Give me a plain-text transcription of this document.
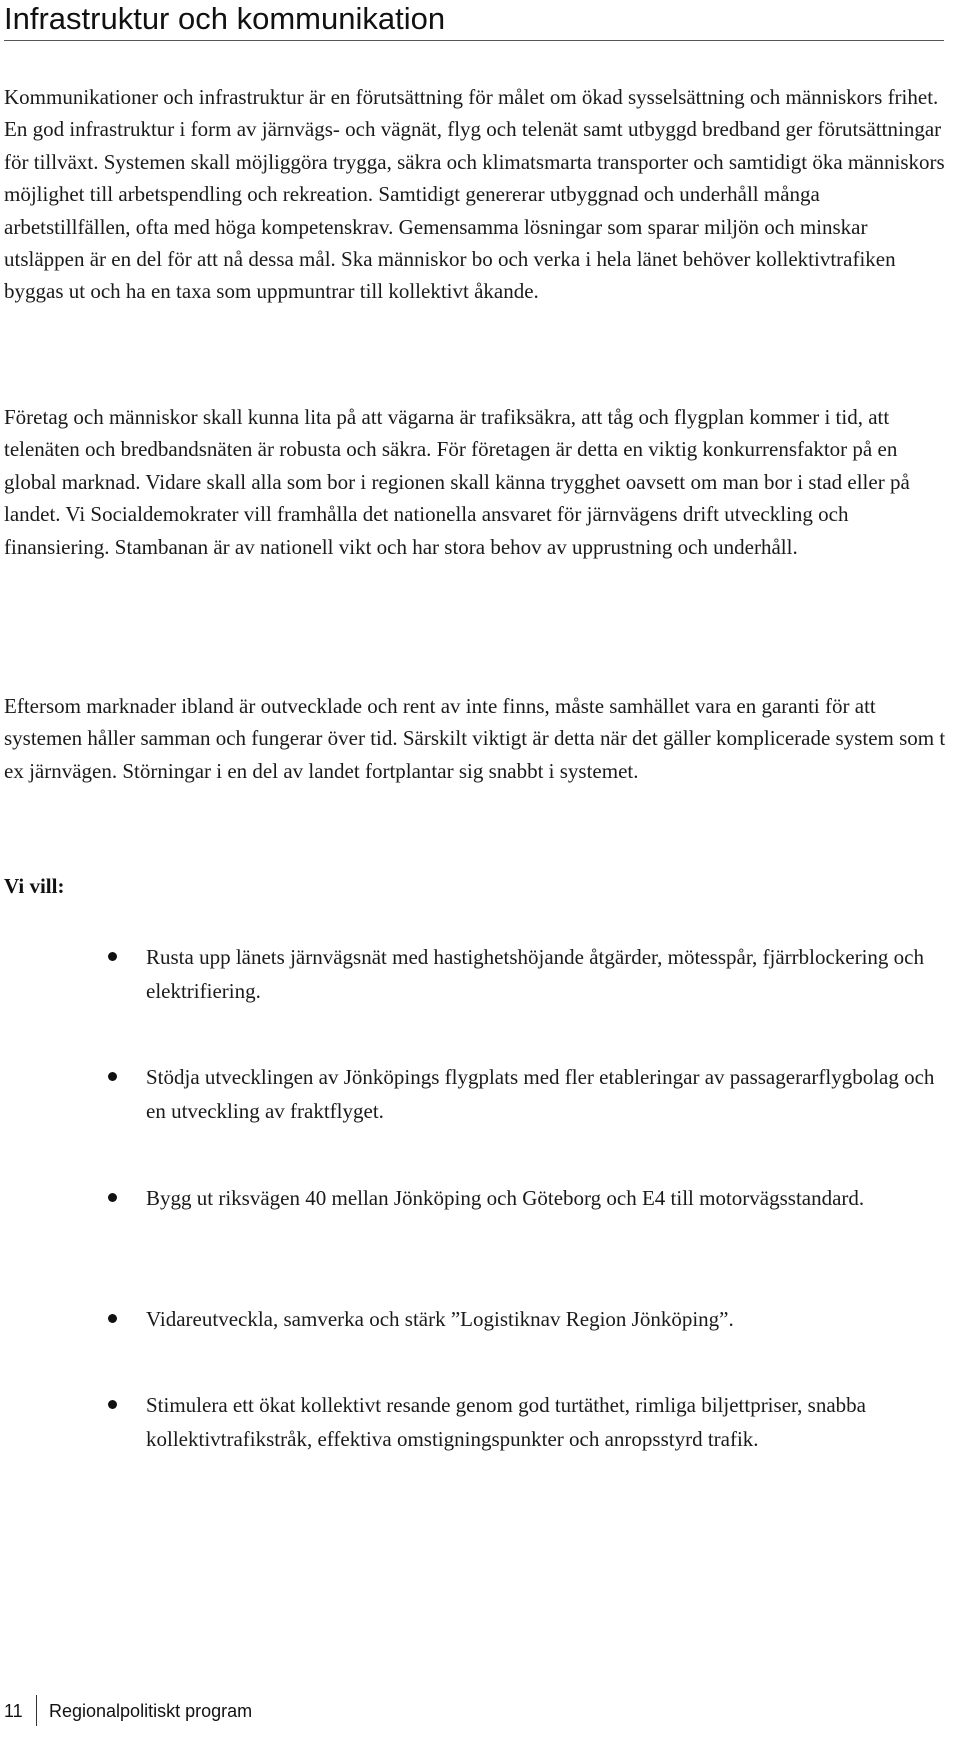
Infrastruktur och kommunikation

Kommunikationer och infrastruktur är en förutsättning för målet om ökad sysselsättning och människors frihet. En god infrastruktur i form av järnvägs- och vägnät, flyg och telenät samt utbyggd bredband ger förutsättningar för tillväxt. Systemen skall möjliggöra trygga, säkra och klimatsmarta transporter och samtidigt öka människors möjlighet till arbetspendling och rekreation. Samtidigt genererar utbyggnad och underhåll många arbetstillfällen, ofta med höga kompetenskrav. Gemensamma lösningar som sparar miljön och minskar utsläppen är en del för att nå dessa mål. Ska människor bo och verka i hela länet behöver kollektivtrafiken byggas ut och ha en taxa som uppmuntrar till kollektivt åkande.

Företag och människor skall kunna lita på att vägarna är trafiksäkra, att tåg och flygplan kommer i tid, att telenäten och bredbandsnäten är robusta och säkra. För företagen är detta en viktig konkurrensfaktor på en global marknad. Vidare skall alla som bor i regionen skall känna trygghet oavsett om man bor i stad eller på landet. Vi Socialdemokrater vill framhålla det nationella ansvaret för järnvägens drift utveckling och finansiering. Stambanan är av nationell vikt och har stora behov av upprustning och underhåll.

Eftersom marknader ibland är outvecklade och rent av inte finns, måste samhället vara en garanti för att systemen håller samman och fungerar över tid. Särskilt viktigt är detta när det gäller komplicerade system som t ex järnvägen. Störningar i en del av landet fortplantar sig snabbt i systemet.

Vi vill:

Rusta upp länets järnvägsnät med hastighetshöjande åtgärder, mötesspår, fjärrblockering och elektrifiering.

Stödja utvecklingen av Jönköpings flygplats med fler etableringar av passagerarflygbolag och en utveckling av fraktflyget.

Bygg ut riksvägen 40 mellan Jönköping och Göteborg och E4 till motorvägsstandard.

Vidareutveckla, samverka och stärk ”Logistiknav Region Jönköping”.

Stimulera ett ökat kollektivt resande genom god turtäthet, rimliga biljettpriser, snabba kollektivtrafikstråk, effektiva omstigningspunkter och anropsstyrd trafik.

11 Regionalpolitiskt program
